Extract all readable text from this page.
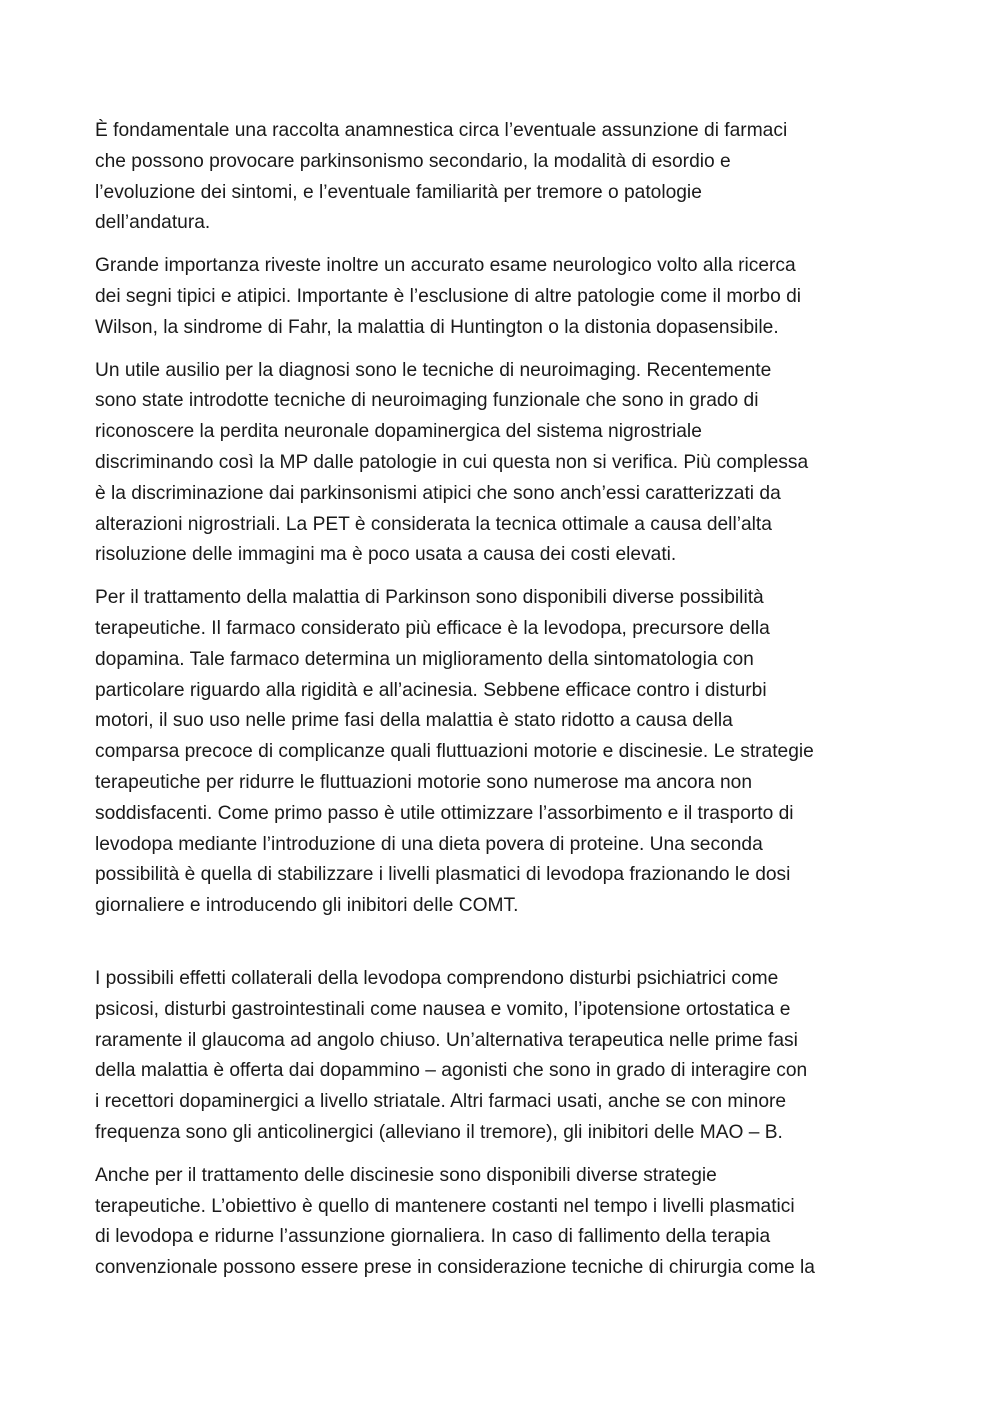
È fondamentale una raccolta anamnestica circa l’eventuale assunzione di farmaci
che possono provocare parkinsonismo secondario, la modalità di esordio e
l’evoluzione dei sintomi, e l’eventuale familiarità per tremore o patologie
dell’andatura.

Grande importanza riveste inoltre un accurato esame neurologico volto alla ricerca
dei segni tipici e atipici. Importante è l’esclusione di altre patologie come il morbo di
Wilson, la sindrome di Fahr, la malattia di Huntington o la distonia dopasensibile.

Un utile ausilio per la diagnosi sono le tecniche di neuroimaging. Recentemente
sono state introdotte tecniche di neuroimaging funzionale che sono in grado di
riconoscere la perdita neuronale dopaminergica del sistema nigrostriale
discriminando così la MP dalle patologie in cui questa non si verifica. Più complessa
è la discriminazione dai parkinsonismi atipici che sono anch’essi caratterizzati da
alterazioni nigrostriali. La PET è considerata la tecnica ottimale a causa dell’alta
risoluzione delle immagini ma è poco usata a causa dei costi elevati.

Per il trattamento della malattia di Parkinson sono disponibili diverse possibilità
terapeutiche. Il farmaco considerato più efficace è la levodopa, precursore della
dopamina. Tale farmaco determina un miglioramento della sintomatologia con
particolare riguardo alla rigidità e all’acinesia. Sebbene efficace contro i disturbi
motori, il suo uso nelle prime fasi della malattia è stato ridotto a causa della
comparsa precoce di complicanze quali fluttuazioni motorie e discinesie. Le strategie
terapeutiche per ridurre le fluttuazioni motorie sono numerose ma ancora non
soddisfacenti. Come primo passo è utile ottimizzare l’assorbimento e il trasporto di
levodopa mediante l’introduzione di una dieta povera di proteine. Una seconda
possibilità è quella di stabilizzare i livelli plasmatici di levodopa frazionando le dosi
giornaliere e introducendo gli inibitori delle COMT.

I possibili effetti collaterali della levodopa comprendono disturbi psichiatrici come
psicosi, disturbi gastrointestinali come nausea e vomito, l’ipotensione ortostatica e
raramente il glaucoma ad angolo chiuso. Un’alternativa terapeutica nelle prime fasi
della malattia è offerta dai dopammino – agonisti che sono in grado di interagire con
i recettori dopaminergici a livello striatale. Altri farmaci usati, anche se con minore
frequenza sono gli anticolinergici (alleviano il tremore), gli inibitori delle MAO – B.

Anche per il trattamento delle discinesie sono disponibili diverse strategie
terapeutiche. L’obiettivo è quello di mantenere costanti nel tempo i livelli plasmatici
di levodopa e ridurne l’assunzione giornaliera. In caso di fallimento della terapia
convenzionale possono essere prese in considerazione tecniche di chirurgia come la
